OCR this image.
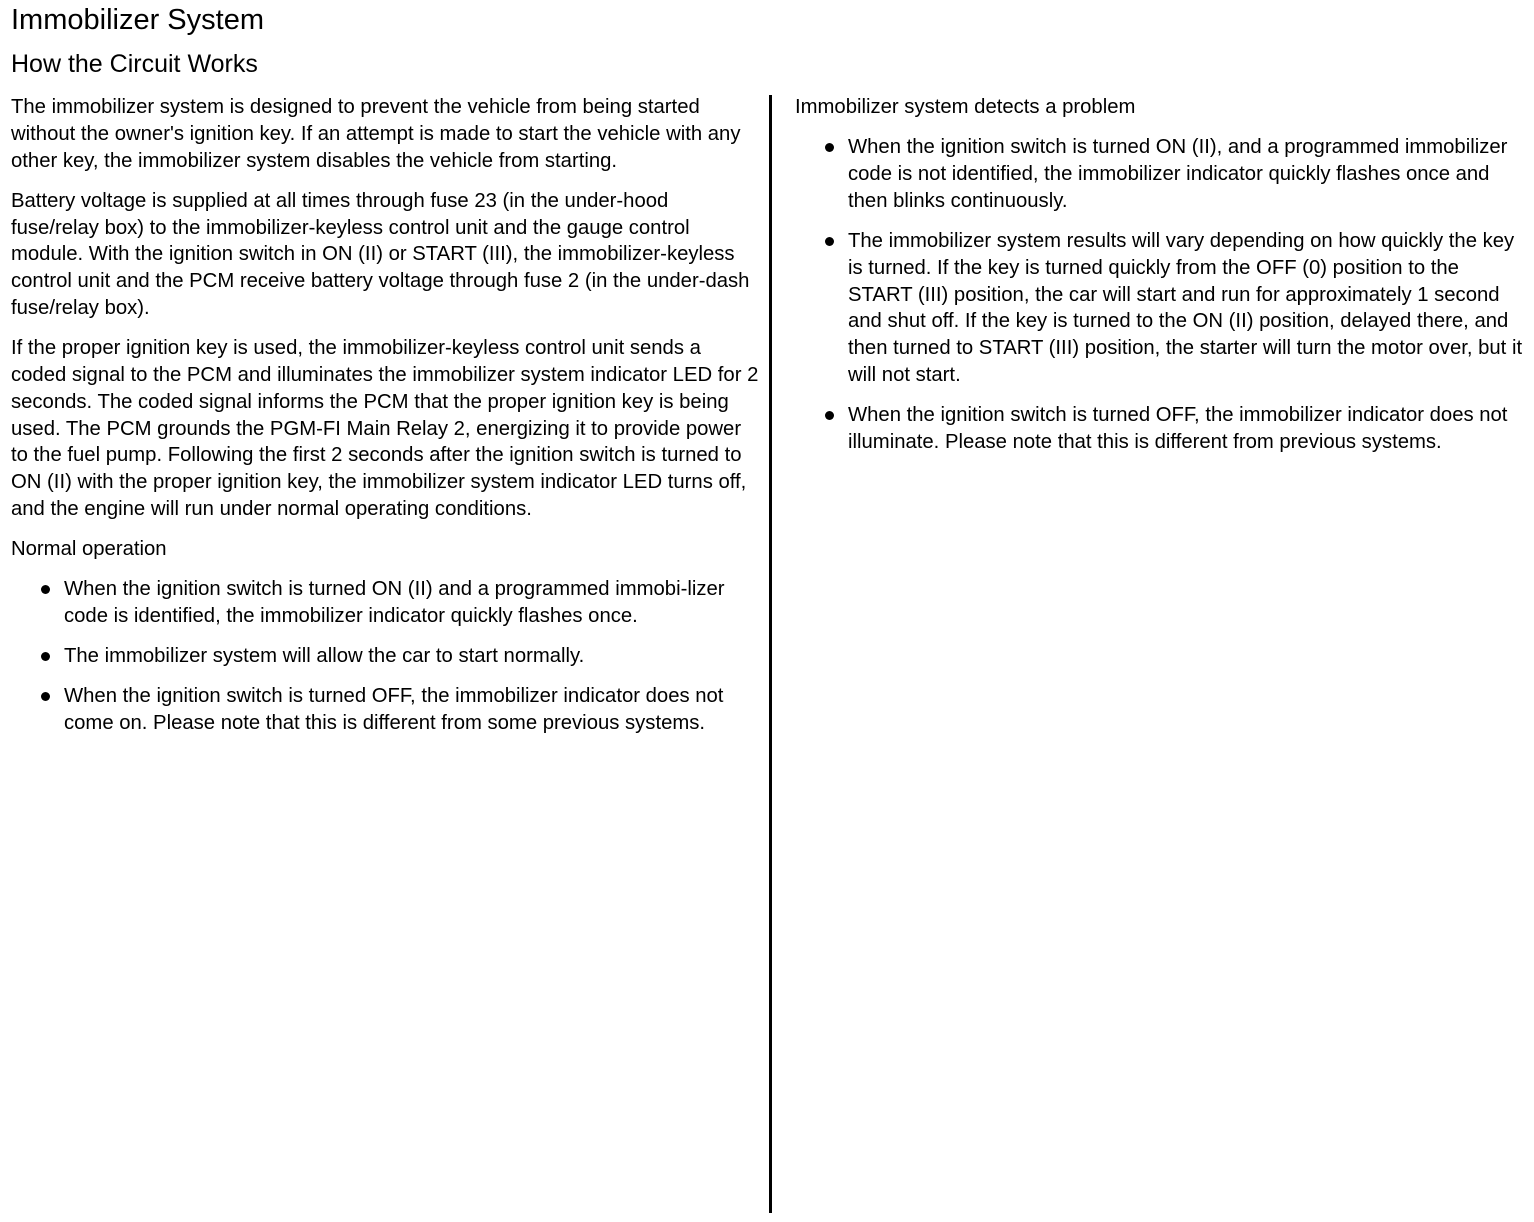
Immobilizer System
How the Circuit Works

The immobilizer system is designed to prevent the vehicle from being started without the owner's ignition key. If an attempt is made to start the vehicle with any other key, the immobilizer system disables the vehicle from starting.

Battery voltage is supplied at all times through fuse 23 (in the under-hood fuse/relay box) to the immobilizer-keyless control unit and the gauge control module. With the ignition switch in ON (II) or START (III), the immobilizer-keyless control unit and the PCM receive battery voltage through fuse 2 (in the under-dash fuse/relay box).

If the proper ignition key is used, the immobilizer-keyless control unit sends a coded signal to the PCM and illuminates the immobilizer system indicator LED for 2 seconds. The coded signal informs the PCM that the proper ignition key is being used. The PCM grounds the PGM-FI Main Relay 2, energizing it to provide power to the fuel pump. Following the first 2 seconds after the ignition switch is turned to ON (II) with the proper ignition key, the immobilizer system indicator LED turns off, and the engine will run under normal operating conditions.

Normal operation
When the ignition switch is turned ON (II) and a programmed immobi-lizer code is identified, the immobilizer indicator quickly flashes once.
The immobilizer system will allow the car to start normally.
When the ignition switch is turned OFF, the immobilizer indicator does not come on. Please note that this is different from some previous systems.
Immobilizer system detects a problem
When the ignition switch is turned ON (II), and a programmed immobilizer code is not identified, the immobilizer indicator quickly flashes once and then blinks continuously.
The immobilizer system results will vary depending on how quickly the key is turned. If the key is turned quickly from the OFF (0) position to the START (III) position, the car will start and run for approximately 1 second and shut off. If the key is turned to the ON (II) position, delayed there, and then turned to START (III) position, the starter will turn the motor over, but it will not start.
When the ignition switch is turned OFF, the immobilizer indicator does not illuminate. Please note that this is different from previous systems.
